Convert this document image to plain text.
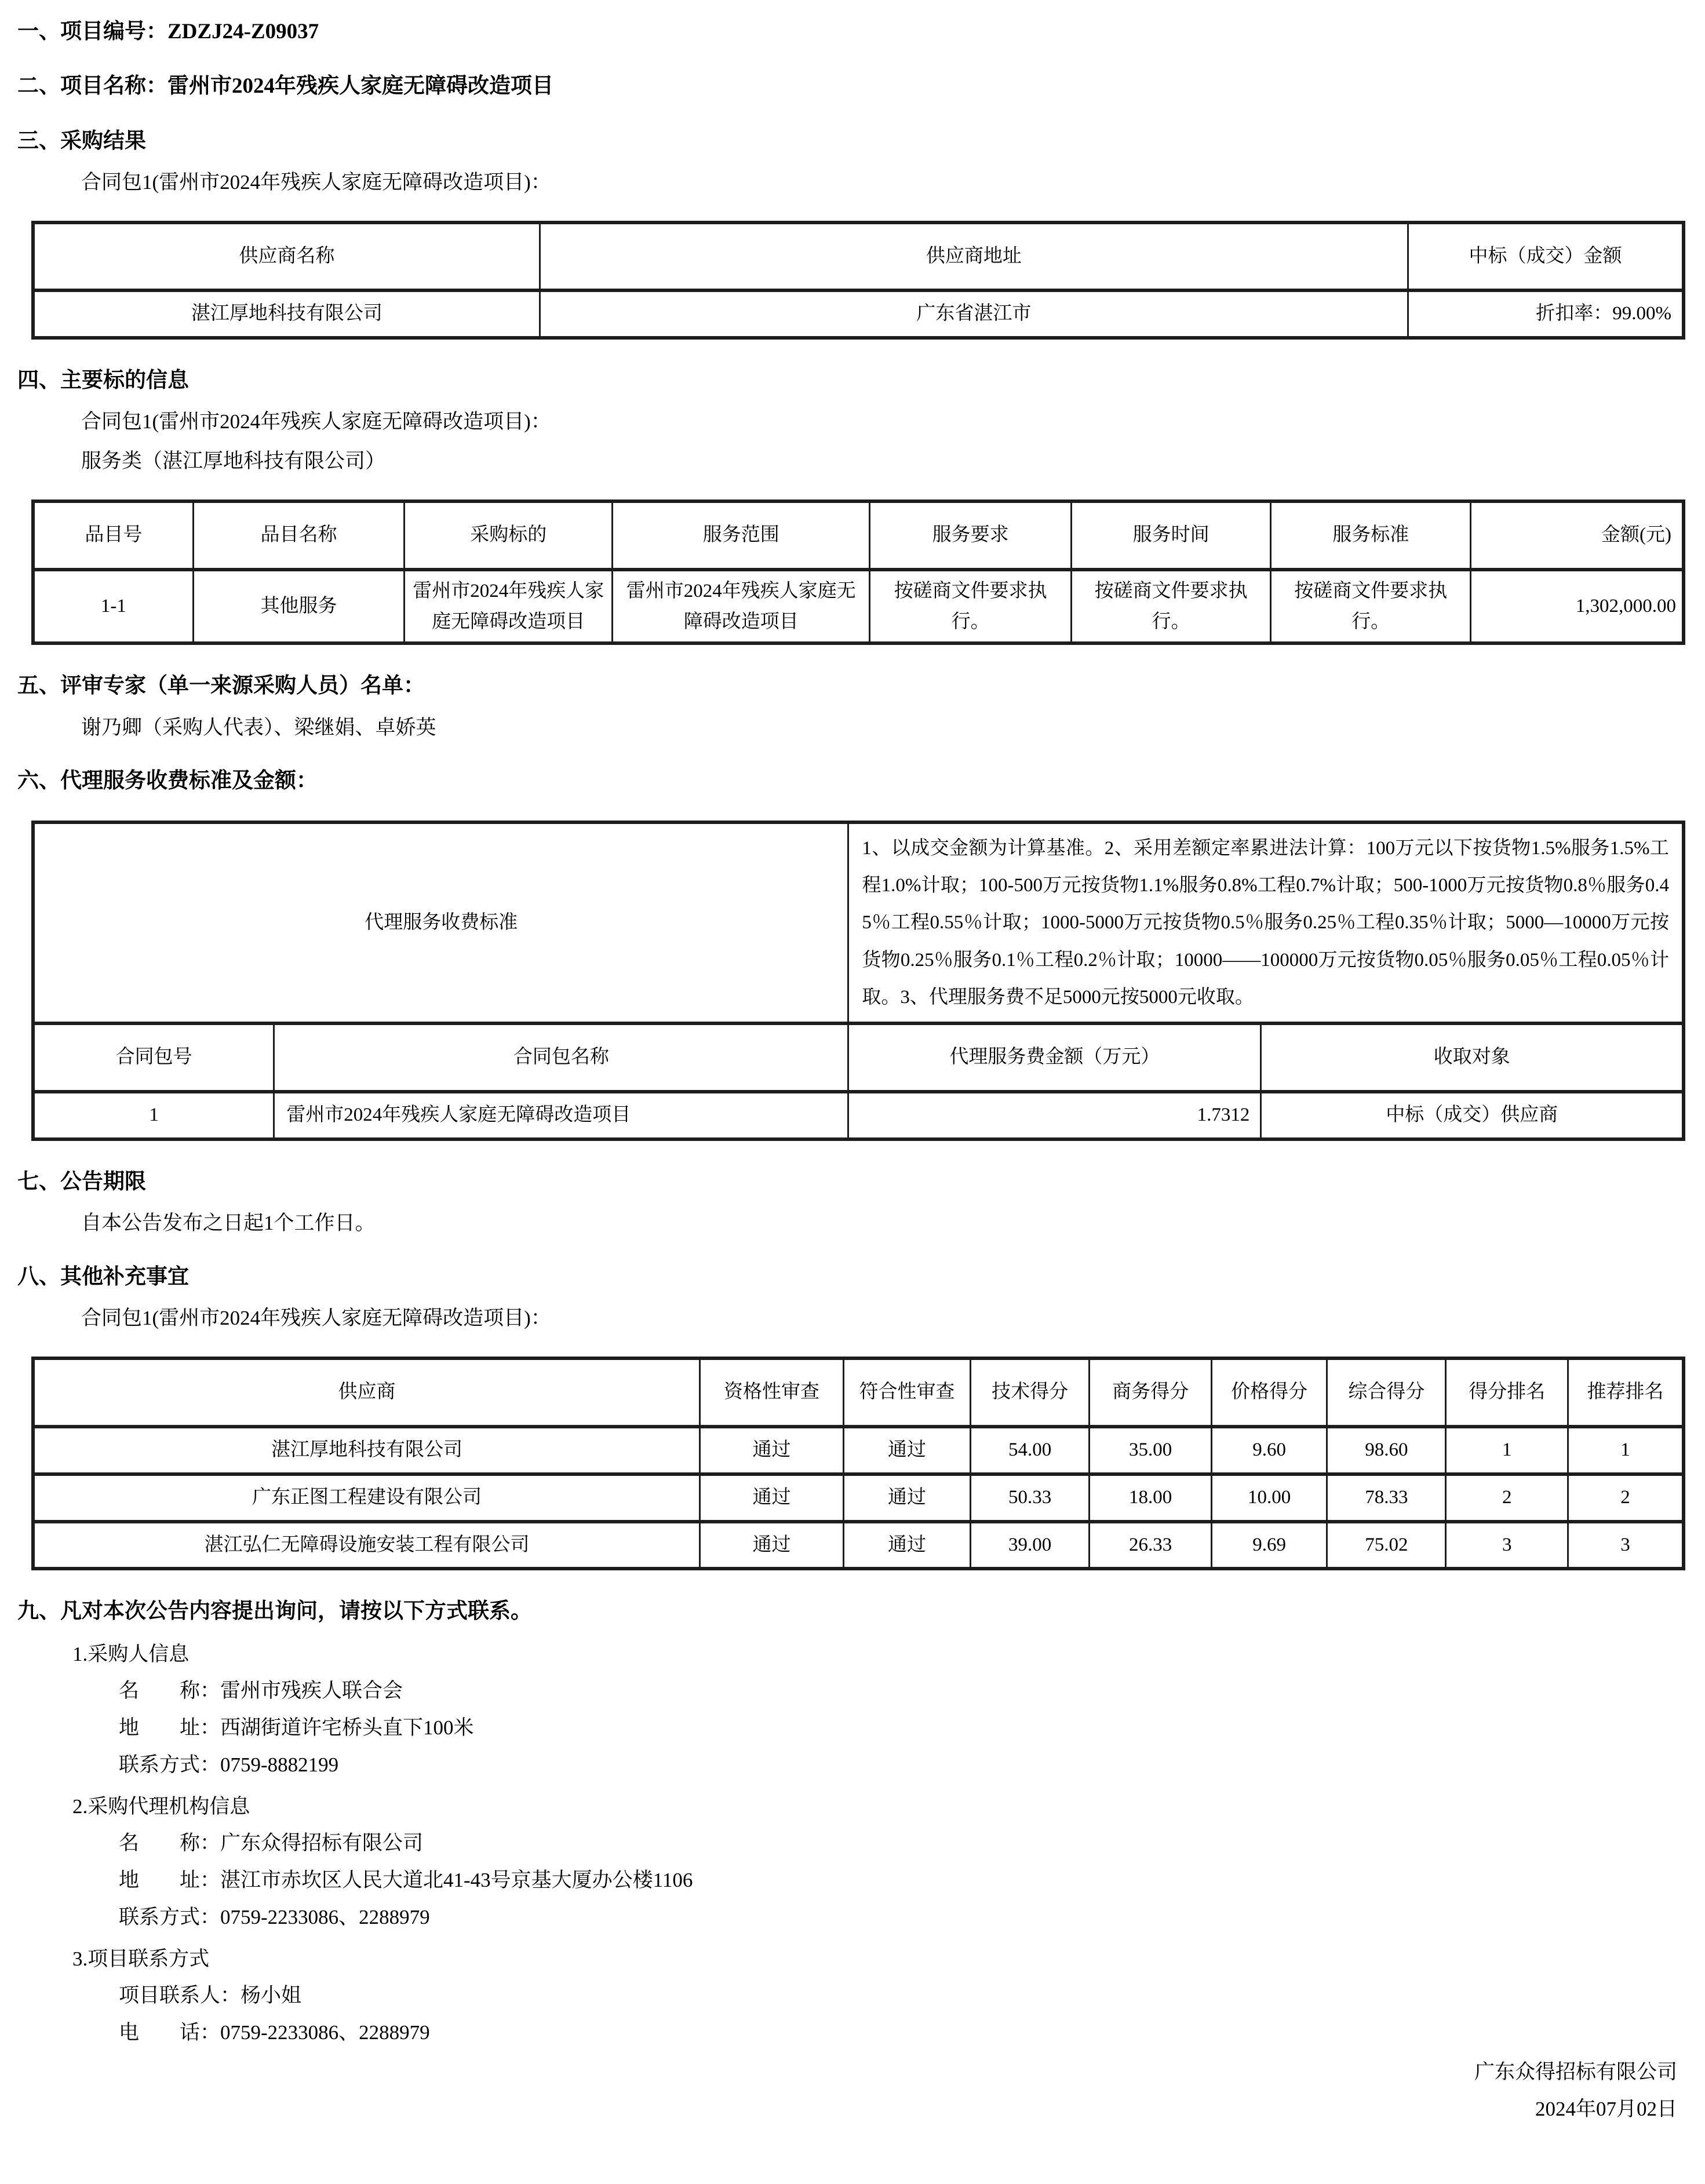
一、项目编号：ZDZJ24-Z09037
二、项目名称：雷州市2024年残疾人家庭无障碍改造项目
三、采购结果
合同包1(雷州市2024年残疾人家庭无障碍改造项目)：
供应商名称	供应商地址	中标（成交）金额
湛江厚地科技有限公司	广东省湛江市	折扣率：99.00%
四、主要标的信息
合同包1(雷州市2024年残疾人家庭无障碍改造项目)：
服务类（湛江厚地科技有限公司）
品目号	品目名称	采购标的	服务范围	服务要求	服务时间	服务标准	金额(元)
1-1	其他服务	雷州市2024年残疾人家庭无障碍改造项目	雷州市2024年残疾人家庭无障碍改造项目	按磋商文件要求执行。	按磋商文件要求执行。	按磋商文件要求执行。	1,302,000.00
五、评审专家（单一来源采购人员）名单：
谢乃卿（采购人代表）、梁继娟、卓娇英
六、代理服务收费标准及金额：
代理服务收费标准		1、以成交金额为计算基准。2、采用差额定率累进法计算：100万元以下按货物1.5%服务1.5%工程1.0%计取；100-500万元按货物1.1%服务0.8%工程0.7%计取；500-1000万元按货物0.8％服务0.45％工程0.55％计取；1000-5000万元按货物0.5％服务0.25％工程0.35％计取；5000—10000万元按货物0.25％服务0.1％工程0.2％计取；10000——100000万元按货物0.05％服务0.05％工程0.05％计取。3、代理服务费不足5000元按5000元收取。	
合同包号	合同包名称	代理服务费金额（万元）	收取对象
1	雷州市2024年残疾人家庭无障碍改造项目	1.7312	中标（成交）供应商
七、公告期限
自本公告发布之日起1个工作日。
八、其他补充事宜
合同包1(雷州市2024年残疾人家庭无障碍改造项目)：
供应商	资格性审查	符合性审查	技术得分	商务得分	价格得分	综合得分	得分排名	推荐排名
湛江厚地科技有限公司	通过	通过	54.00	35.00	9.60	98.60	1	1
广东正图工程建设有限公司	通过	通过	50.33	18.00	10.00	78.33	2	2
湛江弘仁无障碍设施安装工程有限公司	通过	通过	39.00	26.33	9.69	75.02	3	3
九、凡对本次公告内容提出询问，请按以下方式联系。
1.采购人信息
名　　称：雷州市残疾人联合会
地　　址：西湖街道许宅桥头直下100米
联系方式：0759-8882199
2.采购代理机构信息
名　　称：广东众得招标有限公司
地　　址：湛江市赤坎区人民大道北41-43号京基大厦办公楼1106
联系方式：0759-2233086、2288979
3.项目联系方式
项目联系人：杨小姐
电　　话：0759-2233086、2288979
广东众得招标有限公司
2024年07月02日
